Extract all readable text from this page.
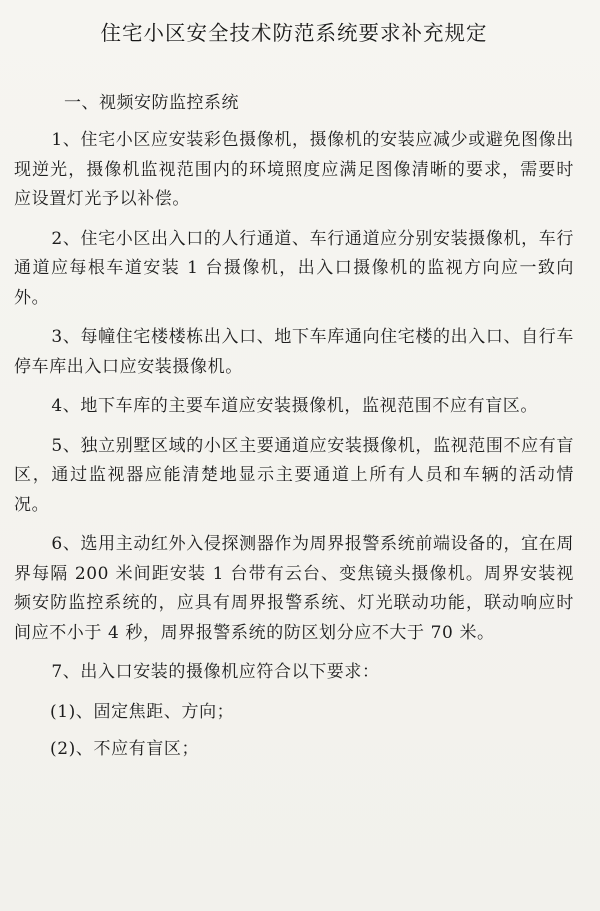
住宅小区安全技术防范系统要求补充规定
一、视频安防监控系统

1、住宅小区应安装彩色摄像机，摄像机的安装应减少或避免图像出现逆光，摄像机监视范围内的环境照度应满足图像清晰的要求，需要时应设置灯光予以补偿。

2、住宅小区出入口的人行通道、车行通道应分别安装摄像机，车行通道应每根车道安装 1 台摄像机，出入口摄像机的监视方向应一致向外。

3、每幢住宅楼楼栋出入口、地下车库通向住宅楼的出入口、自行车停车库出入口应安装摄像机。

4、地下车库的主要车道应安装摄像机，监视范围不应有盲区。

5、独立别墅区域的小区主要通道应安装摄像机，监视范围不应有盲区，通过监视器应能清楚地显示主要通道上所有人员和车辆的活动情况。

6、选用主动红外入侵探测器作为周界报警系统前端设备的，宜在周界每隔 200 米间距安装 1 台带有云台、变焦镜头摄像机。周界安装视频安防监控系统的，应具有周界报警系统、灯光联动功能，联动响应时间应不小于 4 秒，周界报警系统的防区划分应不大于 70 米。

7、出入口安装的摄像机应符合以下要求：

(1)、固定焦距、方向；
(2)、不应有盲区；
